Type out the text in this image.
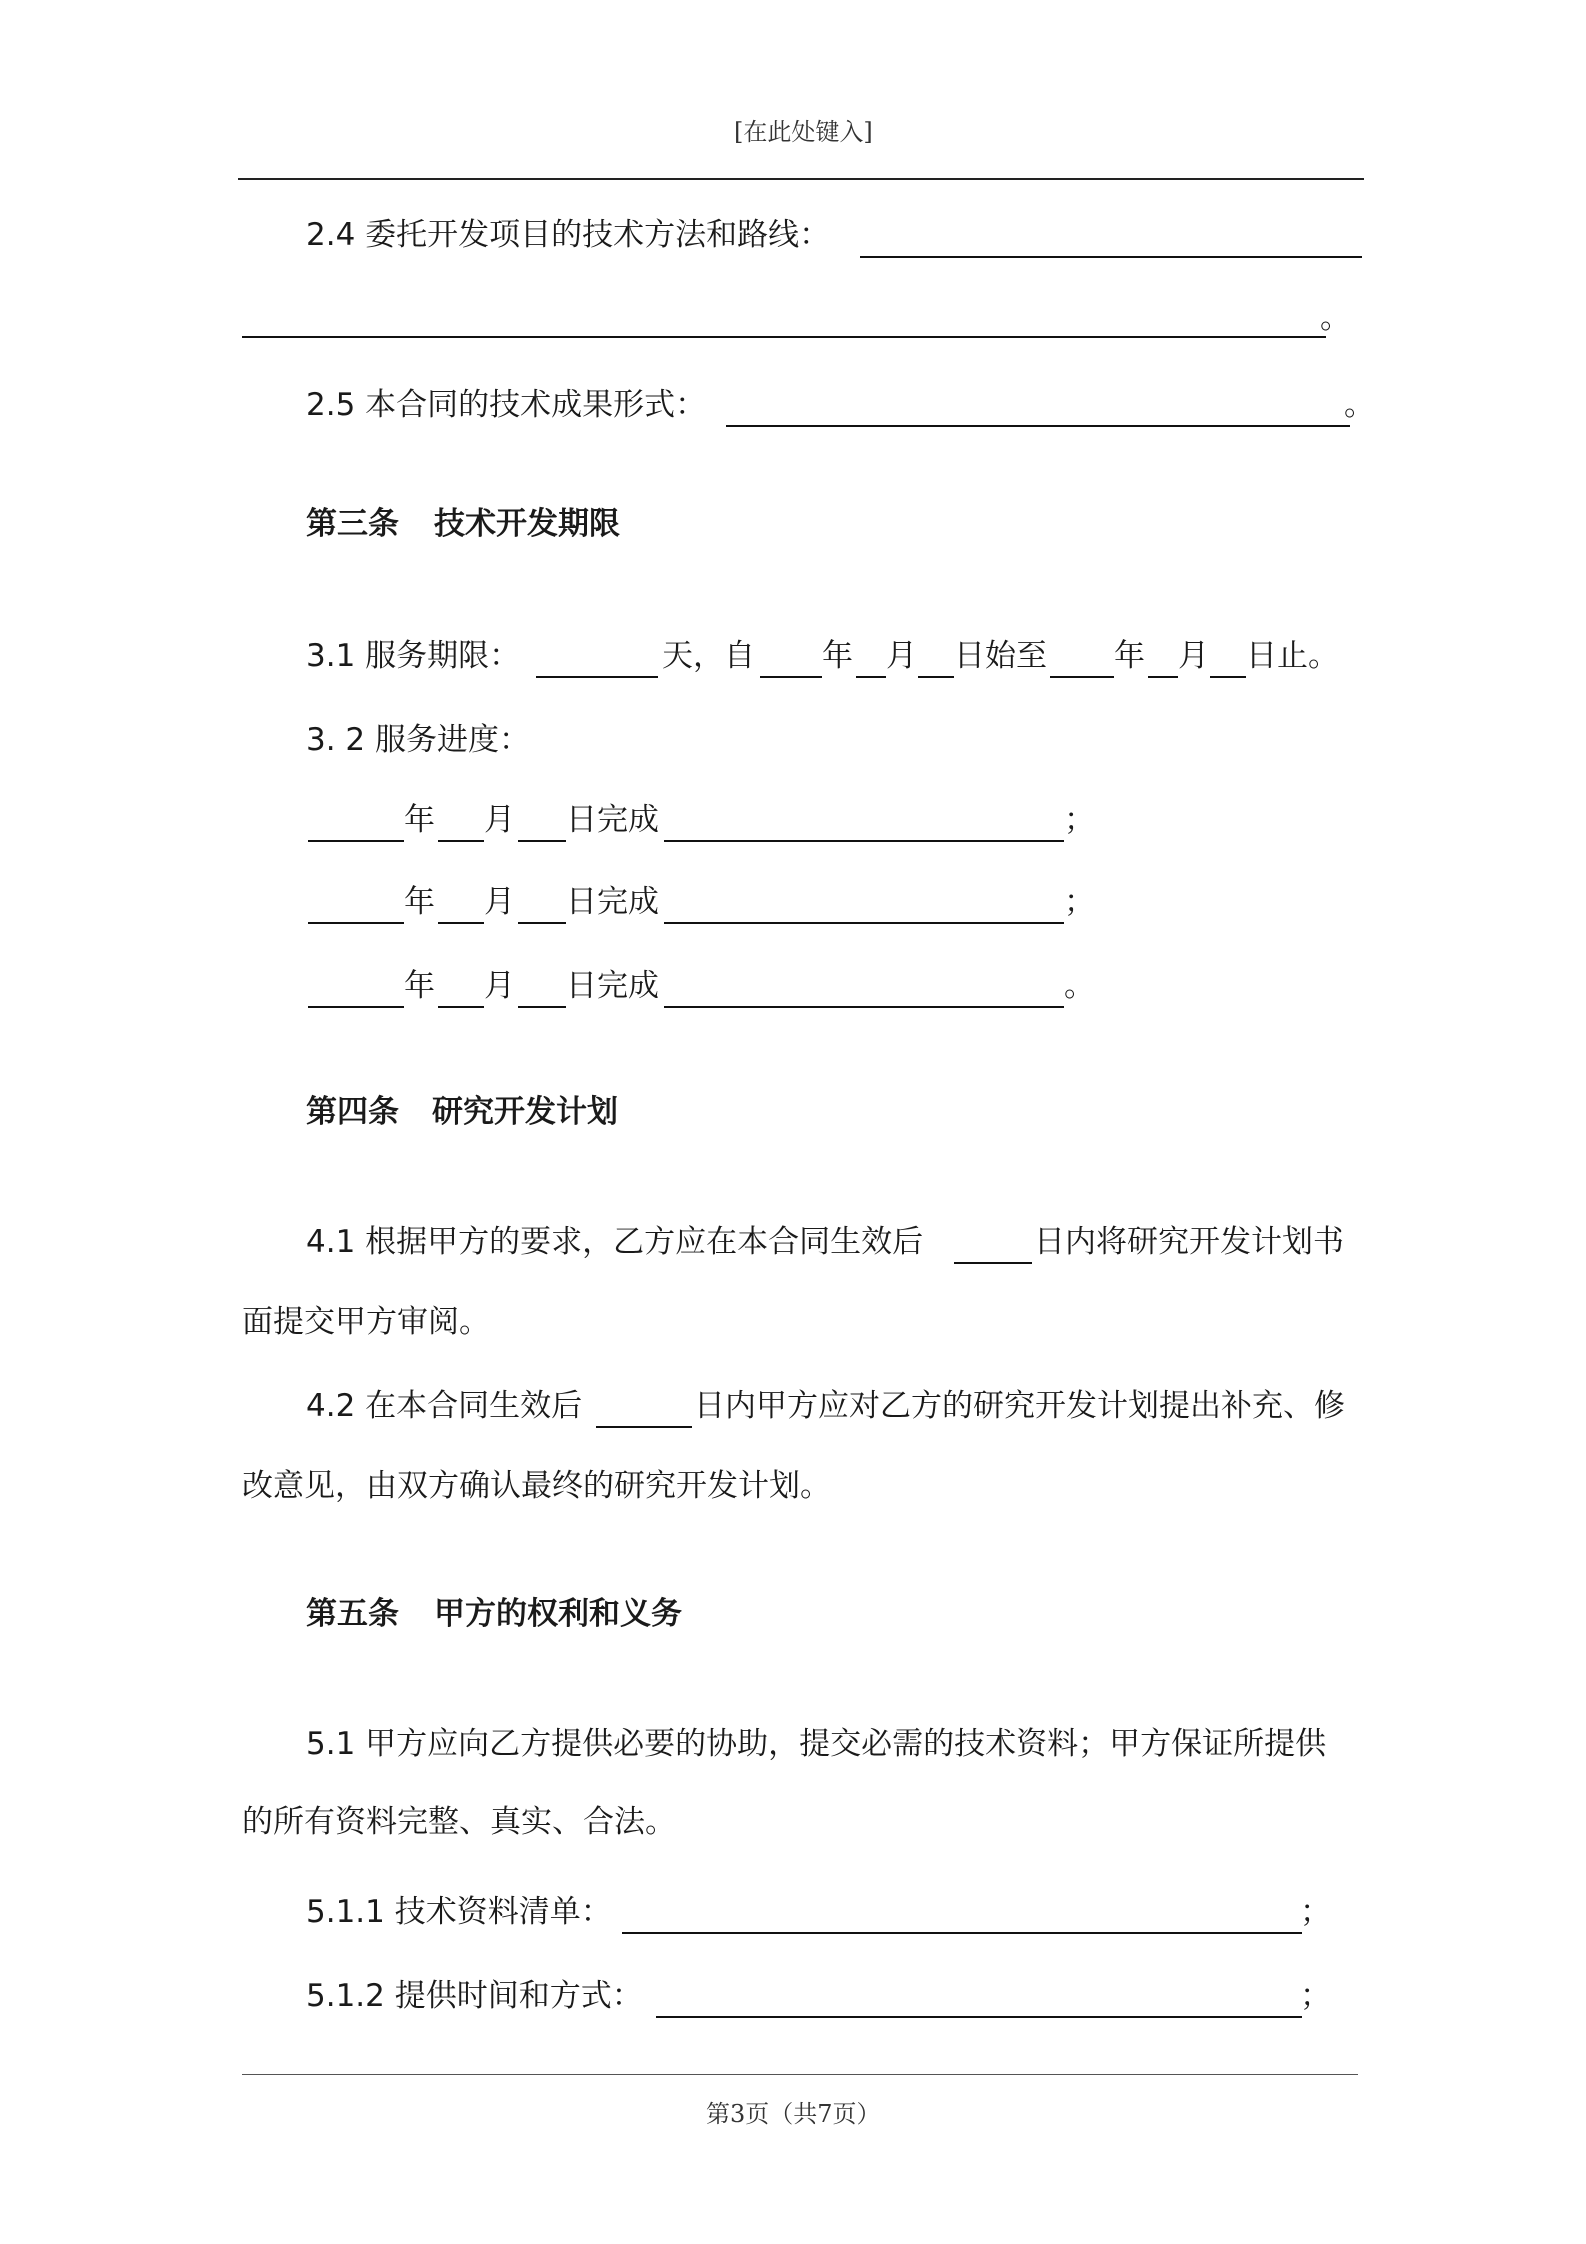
[在此处键入]
2.4 委托开发项目的技术方法和路线：
。
2.5 本合同的技术成果形式：	。
第三条 技术开发期限
3.1 服务期限：	天，自 年 月 日始至 年 月 日止。
3. 2 服务进度：
年 月 日完成	；
年 月 日完成	；
年 月 日完成	。
第四条 研究开发计划
4.1 根据甲方的要求，乙方应在本合同生效后	日内将研究开发计划书
面提交甲方审阅。
4.2 在本合同生效后	日内甲方应对乙方的研究开发计划提出补充、修
改意见，由双方确认最终的研究开发计划。
第五条 甲方的权利和义务
5.1 甲方应向乙方提供必要的协助，提交必需的技术资料；甲方保证所提供
的所有资料完整、真实、合法。
5.1.1 技术资料清单：	；
5.1.2 提供时间和方式：	；
第3页（共7页）
